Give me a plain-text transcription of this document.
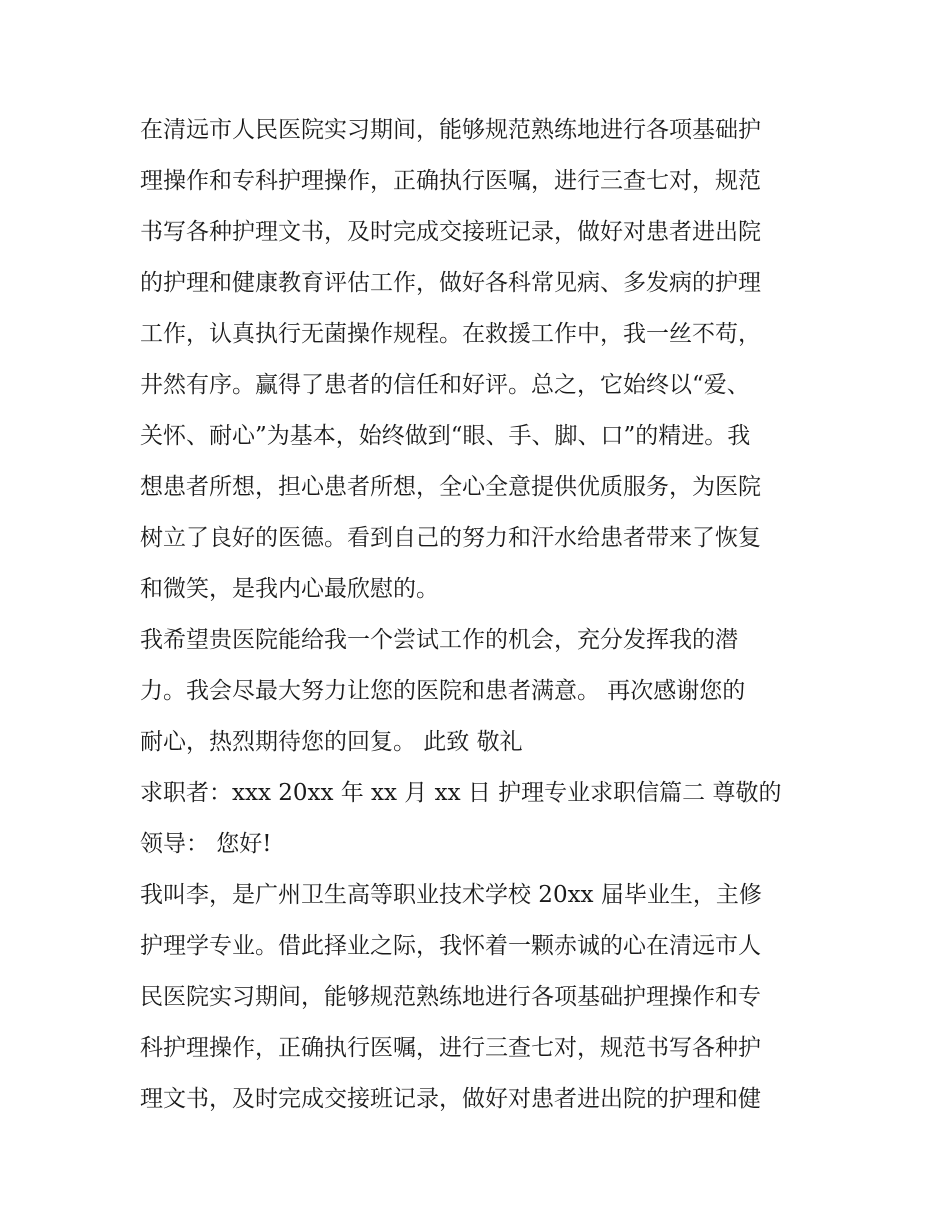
在清远市人民医院实习期间，能够规范熟练地进行各项基础护
理操作和专科护理操作，正确执行医嘱，进行三查七对，规范
书写各种护理文书，及时完成交接班记录，做好对患者进出院
的护理和健康教育评估工作，做好各科常见病、多发病的护理
工作，认真执行无菌操作规程。在救援工作中，我一丝不苟，
井然有序。赢得了患者的信任和好评。总之，它始终以“爱、
关怀、耐心”为基本，始终做到“眼、手、脚、口”的精进。我
想患者所想，担心患者所想，全心全意提供优质服务，为医院
树立了良好的医德。看到自己的努力和汗水给患者带来了恢复
和微笑，是我内心最欣慰的。
我希望贵医院能给我一个尝试工作的机会，充分发挥我的潜
力。我会尽最大努力让您的医院和患者满意。 再次感谢您的
耐心，热烈期待您的回复。 此致 敬礼
求职者：xxx 20xx 年 xx 月 xx 日 护理专业求职信篇二 尊敬的
领导： 您好!
我叫李，是广州卫生高等职业技术学校 20xx 届毕业生，主修
护理学专业。借此择业之际，我怀着一颗赤诚的心在清远市人
民医院实习期间，能够规范熟练地进行各项基础护理操作和专
科护理操作，正确执行医嘱，进行三查七对，规范书写各种护
理文书，及时完成交接班记录，做好对患者进出院的护理和健
